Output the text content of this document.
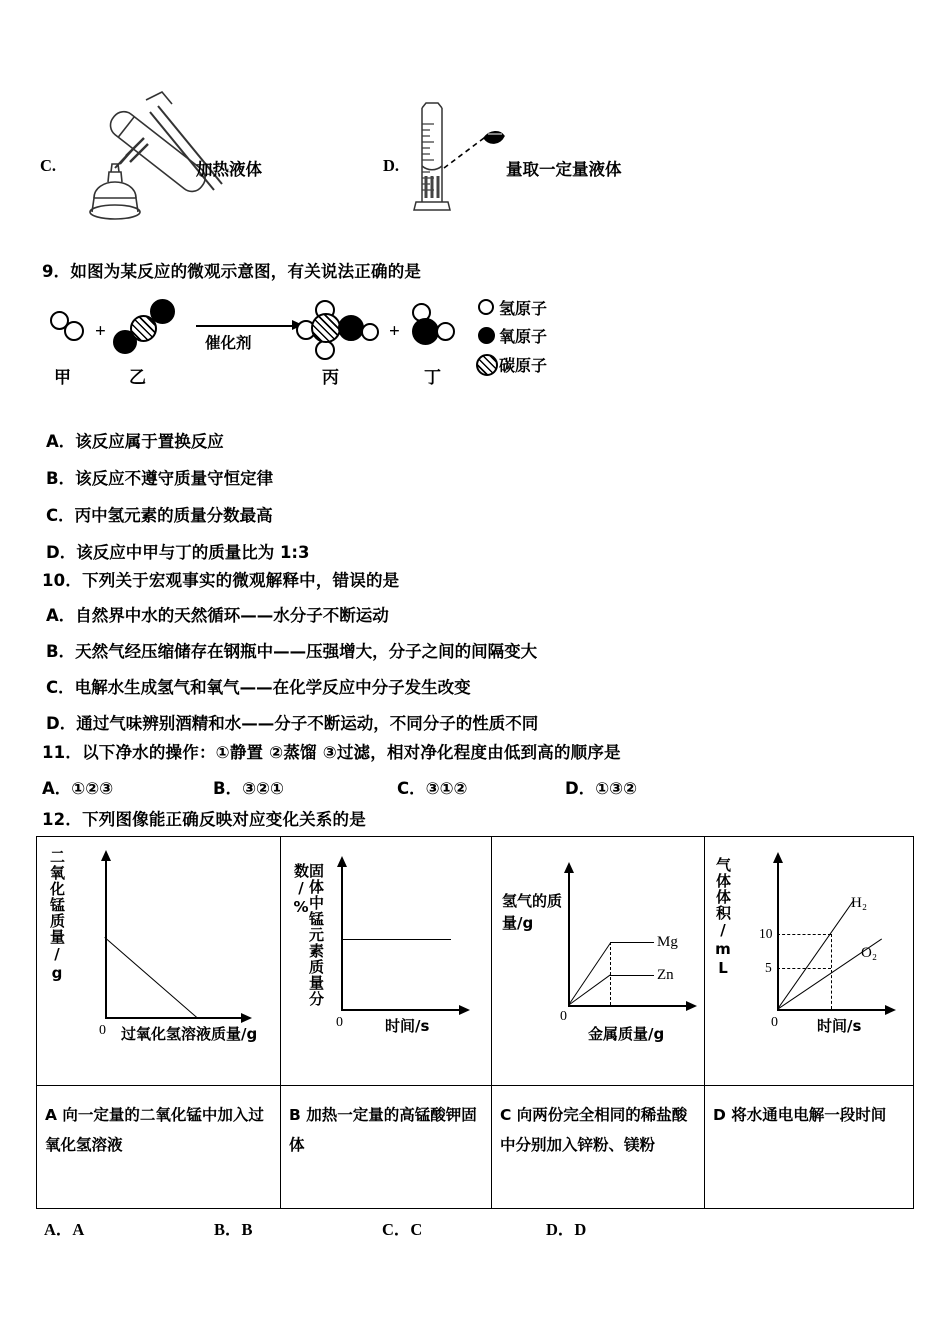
C.	加热液体	D.	量取一定量液体
9．如图为某反应的微观示意图，有关说法正确的是
甲
+
乙
催化剂
丙
+
丁
氢原子
氧原子
碳原子
A．该反应属于置换反应
B．该反应不遵守质量守恒定律
C．丙中氢元素的质量分数最高
D．该反应中甲与丁的质量比为 1:3
10．下列关于宏观事实的微观解释中，错误的是
A．自然界中水的天然循环——水分子不断运动
B．天然气经压缩储存在钢瓶中——压强增大，分子之间的间隔变大
C．电解水生成氢气和氧气——在化学反应中分子发生改变
D．通过气味辨别酒精和水——分子不断运动，不同分子的性质不同
11．以下净水的操作：①静置 ②蒸馏 ③过滤，相对净化程度由低到高的顺序是
A．①②③	B．③②①	C．③①②	D．①③②
12．下列图像能正确反映对应变化关系的是
二氧化锰质量/g
0 过氧化氢溶液质量/g
固体中锰元素质量分数/%
0	时间/s
氢气的质量/g
Mg
Zn
0
金属质量/g
气体体积/mL 10
5
H₂
O₂
0	时间/s
A 向一定量的二氧化锰中加入过氧化氢溶液
B 加热一定量的高锰酸钾固体
C 向两份完全相同的稀盐酸中分别加入锌粉、镁粉
D 将水通电电解一段时间
A．A	B．B	C．C	D．D
